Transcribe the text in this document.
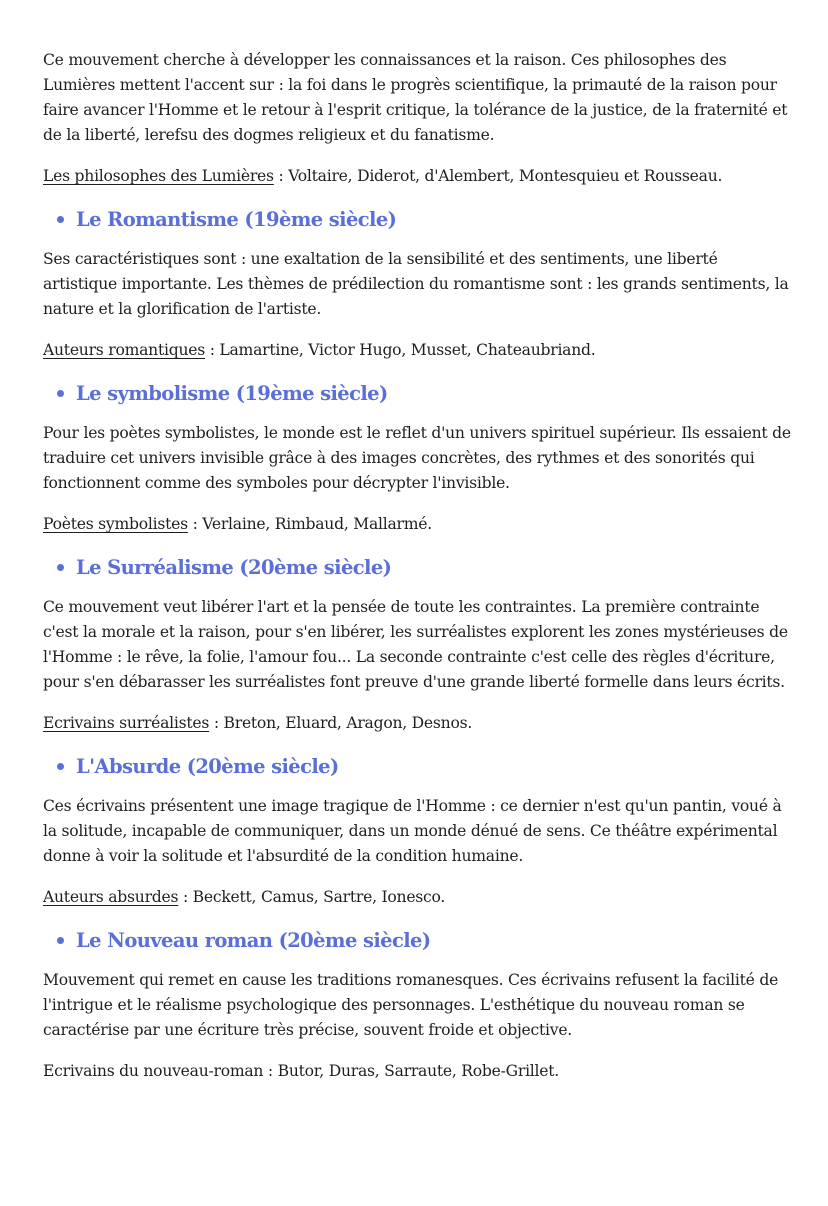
Ce mouvement cherche à développer les connaissances et la raison. Ces philosophes des Lumières mettent l'accent sur : la foi dans le progrès scientifique, la primauté de la raison pour faire avancer l'Homme et le retour à l'esprit critique, la tolérance de la justice, de la fraternité et de la liberté, lerefsu des dogmes religieux et du fanatisme.

Les philosophes des Lumières : Voltaire, Diderot, d'Alembert, Montesquieu et Rousseau.

Le Romantisme (19ème siècle)

Ses caractéristiques sont : une exaltation de la sensibilité et des sentiments, une liberté artistique importante. Les thèmes de prédilection du romantisme sont : les grands sentiments, la nature et la glorification de l'artiste.

Auteurs romantiques : Lamartine, Victor Hugo, Musset, Chateaubriand.

Le symbolisme (19ème siècle)

Pour les poètes symbolistes, le monde est le reflet d'un univers spirituel supérieur. Ils essaient de traduire cet univers invisible grâce à des images concrètes, des rythmes et des sonorités qui fonctionnent comme des symboles pour décrypter l'invisible.

Poètes symbolistes : Verlaine, Rimbaud, Mallarmé.

Le Surréalisme (20ème siècle)

Ce mouvement veut libérer l'art et la pensée de toute les contraintes. La première contrainte c'est la morale et la raison, pour s'en libérer, les surréalistes explorent les zones mystérieuses de l'Homme : le rêve, la folie, l'amour fou... La seconde contrainte c'est celle des règles d'écriture, pour s'en débarasser les surréalistes font preuve d'une grande liberté formelle dans leurs écrits.

Ecrivains surréalistes : Breton, Eluard, Aragon, Desnos.

L'Absurde (20ème siècle)

Ces écrivains présentent une image tragique de l'Homme : ce dernier n'est qu'un pantin, voué à la solitude, incapable de communiquer, dans un monde dénué de sens. Ce théâtre expérimental donne à voir la solitude et l'absurdité de la condition humaine.

Auteurs absurdes : Beckett, Camus, Sartre, Ionesco.

Le Nouveau roman (20ème siècle)

Mouvement qui remet en cause les traditions romanesques. Ces écrivains refusent la facilité de l'intrigue et le réalisme psychologique des personnages. L'esthétique du nouveau roman se caractérise par une écriture très précise, souvent froide et objective.

Ecrivains du nouveau-roman : Butor, Duras, Sarraute, Robe-Grillet.
